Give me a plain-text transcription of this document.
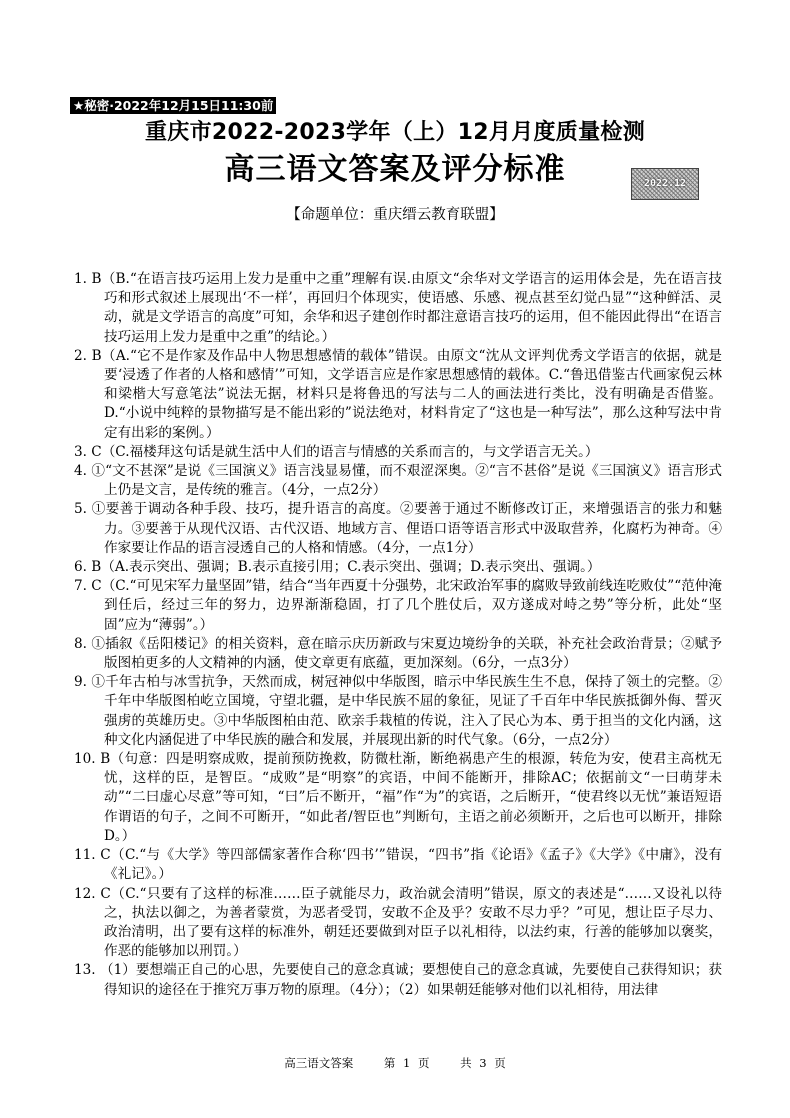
★秘密·2022年12月15日11:30前
重庆市2022-2023学年（上）12月月度质量检测
高三语文答案及评分标准	2022.12
【命题单位：重庆缙云教育联盟】

1. B（B.“在语言技巧运用上发力是重中之重”理解有误.由原文“余华对文学语言的运用体会是，先在语言技巧和形式叙述上展现出‘不一样’，再回归个体现实，使语感、乐感、视点甚至幻觉凸显”“这种鲜活、灵动，就是文学语言的高度”可知，余华和迟子建创作时都注意语言技巧的运用，但不能因此得出“在语言技巧运用上发力是重中之重”的结论。）

2. B（A.“它不是作家及作品中人物思想感情的载体”错误。由原文“沈从文评判优秀文学语言的依据，就是要‘浸透了作者的人格和感情’”可知，文学语言应是作家思想感情的载体。C.“鲁迅借鉴古代画家倪云林和梁楷大写意笔法”说法无据，材料只是将鲁迅的写法与二人的画法进行类比，没有明确是否借鉴。D.“小说中纯粹的景物描写是不能出彩的”说法绝对，材料肯定了“这也是一种写法”，那么这种写法中肯定有出彩的案例。）

3. C（C.福楼拜这句话是就生活中人们的语言与情感的关系而言的，与文学语言无关。）

4. ①“文不甚深”是说《三国演义》语言浅显易懂，而不艰涩深奥。②“言不甚俗”是说《三国演义》语言形式上仍是文言，是传统的雅言。（4分，一点2分）

5. ①要善于调动各种手段、技巧，提升语言的高度。②要善于通过不断修改订正，来增强语言的张力和魅力。③要善于从现代汉语、古代汉语、地域方言、俚语口语等语言形式中汲取营养，化腐朽为神奇。④作家要让作品的语言浸透自己的人格和情感。（4分，一点1分）

6. B（A.表示突出、强调；B.表示直接引用；C.表示突出、强调；D.表示突出、强调。）

7. C（C.“可见宋军力量坚固”错，结合“当年西夏十分强势，北宋政治军事的腐败导致前线连吃败仗”“范仲淹到任后，经过三年的努力，边界渐渐稳固，打了几个胜仗后，双方遂成对峙之势”等分析，此处“坚固”应为“薄弱”。）

8. ①插叙《岳阳楼记》的相关资料，意在暗示庆历新政与宋夏边境纷争的关联，补充社会政治背景；②赋予版图柏更多的人文精神的内涵，使文章更有底蕴，更加深刻。（6分，一点3分）

9. ①千年古柏与冰雪抗争，天然而成，树冠神似中华版图，暗示中华民族生生不息，保持了领土的完整。②千年中华版图柏屹立国境，守望北疆，是中华民族不屈的象征，见证了千百年中华民族抵御外侮、誓灭强虏的英雄历史。③中华版图柏由范、欧亲手栽植的传说，注入了民心为本、勇于担当的文化内涵，这种文化内涵促进了中华民族的融合和发展，并展现出新的时代气象。（6分，一点2分）

10. B（句意：四是明察成败，提前预防挽救，防微杜渐，断绝祸患产生的根源，转危为安，使君主高枕无忧，这样的臣，是智臣。“成败”是“明察”的宾语，中间不能断开，排除AC；依据前文“一曰萌芽未动”“二曰虚心尽意”等可知，“曰”后不断开，“福”作“为”的宾语，之后断开，“使君终以无忧”兼语短语作谓语的句子，之间不可断开，“如此者/智臣也”判断句，主语之前必须断开，之后也可以断开，排除D。）

11. C（C.“与《大学》等四部儒家著作合称‘四书’”错误，“四书”指《论语》《孟子》《大学》《中庸》，没有《礼记》。）

12. C（C.“只要有了这样的标准……臣子就能尽力，政治就会清明”错误，原文的表述是“……又设礼以待之，执法以御之，为善者蒙赏，为恶者受罚，安敢不企及乎？安敢不尽力乎？”可见，想让臣子尽力、政治清明，出了要有这样的标准外，朝廷还要做到对臣子以礼相待，以法约束，行善的能够加以褒奖，作恶的能够加以刑罚。）

13. （1）要想端正自己的心思，先要使自己的意念真诚；要想使自己的意念真诚，先要使自己获得知识；获得知识的途径在于推究万事万物的原理。（4分）；（2）如果朝廷能够对他们以礼相待，用法律

高三语文答案	第 1 页	共 3 页
